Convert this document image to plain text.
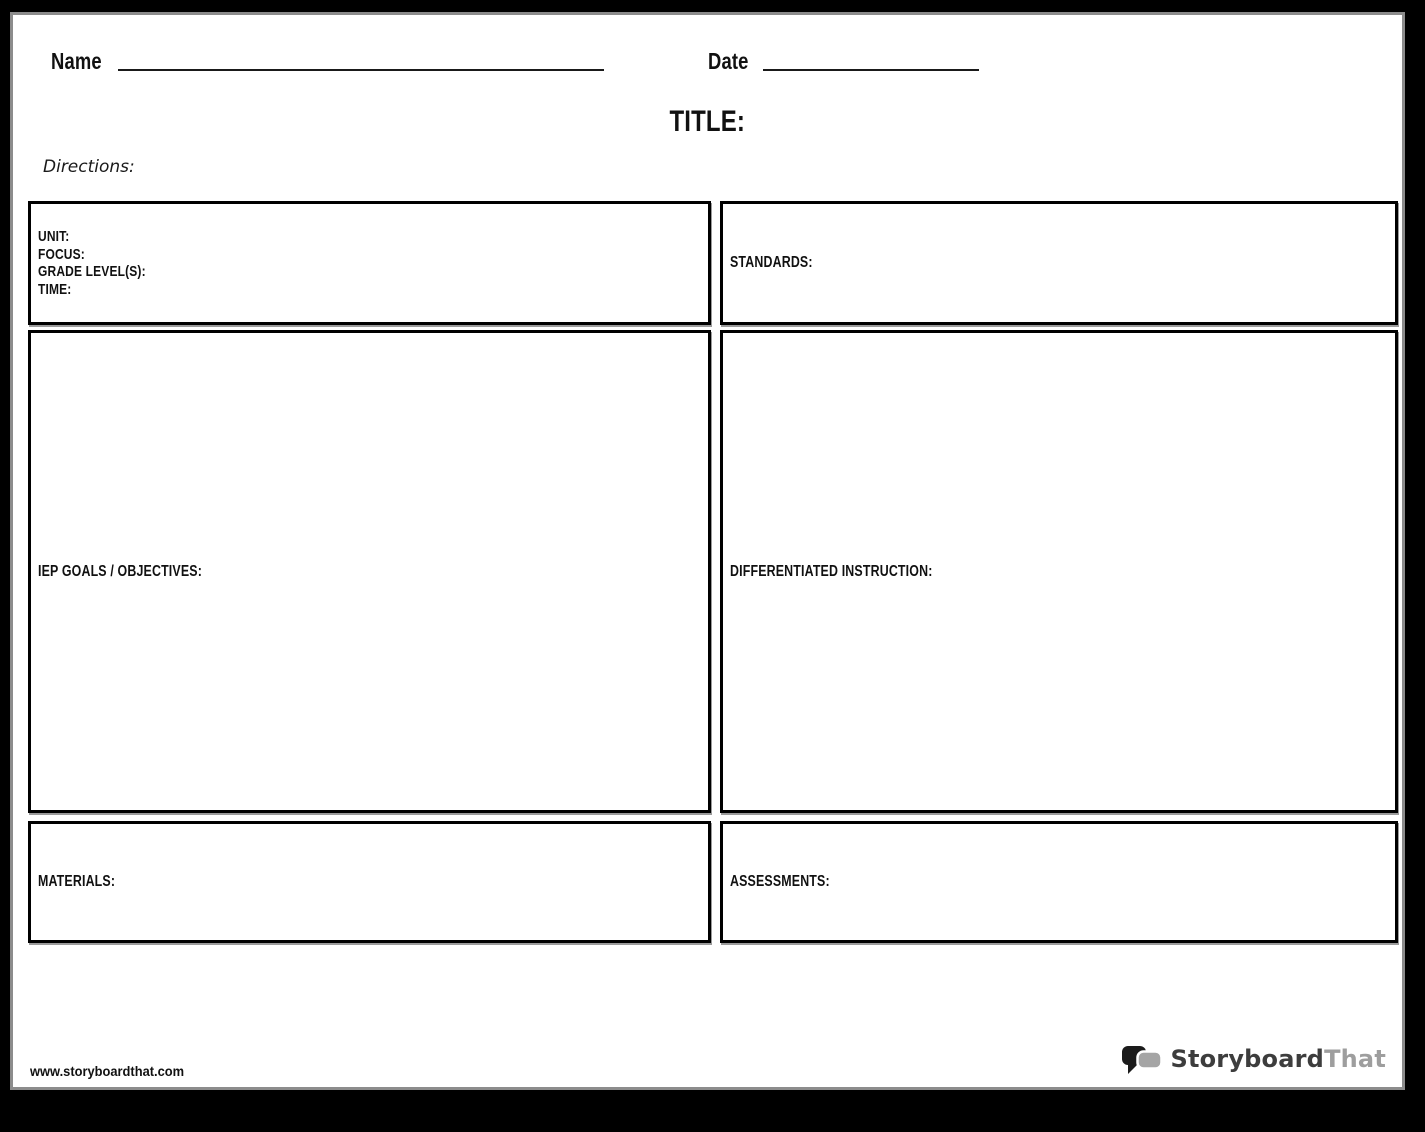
Name	Date
TITLE:
Directions:
UNIT:
FOCUS:
GRADE LEVEL(S):
TIME:
STANDARDS:
IEP GOALS / OBJECTIVES:	DIFFERENTIATED INSTRUCTION:
MATERIALS:	ASSESSMENTS:
www.storyboardthat.com	StoryboardThat
